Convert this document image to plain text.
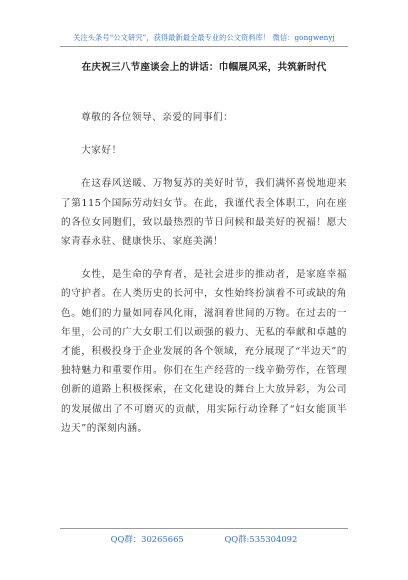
关注头条号“公文研究”，获得最新最全最专业的公文资料库！ 微信：gongwenyj
在庆祝三八节座谈会上的讲话：巾帼展风采，共筑新时代

尊敬的各位领导、亲爱的同事们：

大家好！

在这春风送暖、万物复苏的美好时节，我们满怀喜悦地迎来了第115个国际劳动妇女节。在此，我谨代表全体职工，向在座的各位女同胞们，致以最热烈的节日问候和最美好的祝福！愿大家青春永驻、健康快乐、家庭美满！

女性，是生命的孕育者，是社会进步的推动者，是家庭幸福的守护者。在人类历史的长河中，女性始终扮演着不可或缺的角色。她们的力量如同春风化雨，滋润着世间的万物。在过去的一年里，公司的广大女职工们以顽强的毅力、无私的奉献和卓越的才能，积极投身于企业发展的各个领域，充分展现了“半边天”的独特魅力和重要作用。你们在生产经营的一线辛勤劳作，在管理创新的道路上积极探索，在文化建设的舞台上大放异彩，为公司的发展做出了不可磨灭的贡献，用实际行动诠释了“妇女能顶半边天”的深刻内涵。

QQ群：30265665	QQ群:535304092
